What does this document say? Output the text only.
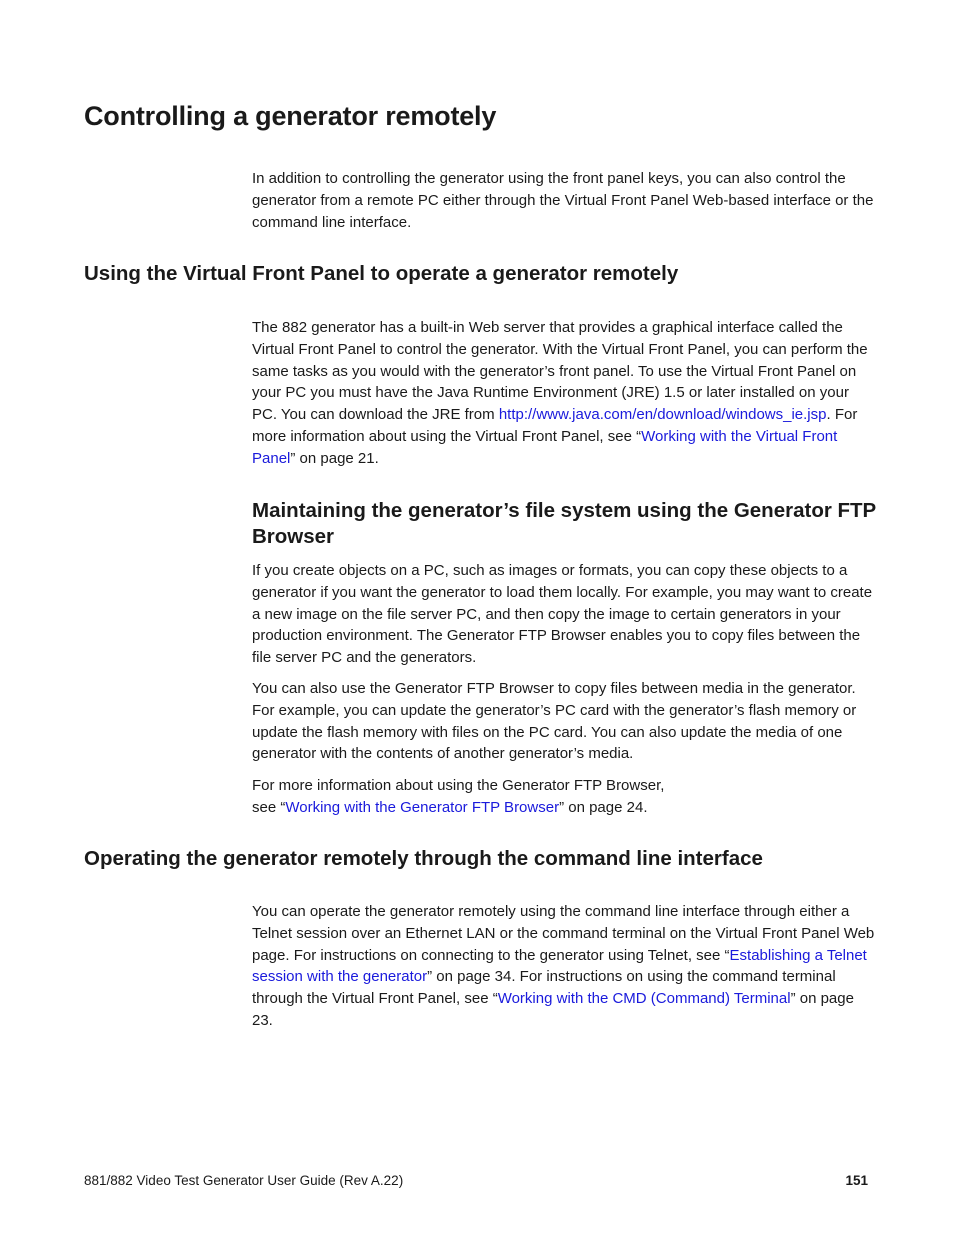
Controlling a generator remotely

In addition to controlling the generator using the front panel keys, you can also control the generator from a remote PC either through the Virtual Front Panel Web-based interface or the command line interface.

Using the Virtual Front Panel to operate a generator remotely

The 882 generator has a built-in Web server that provides a graphical interface called the Virtual Front Panel to control the generator. With the Virtual Front Panel, you can perform the same tasks as you would with the generator’s front panel. To use the Virtual Front Panel on your PC you must have the Java Runtime Environment (JRE) 1.5 or later installed on your PC. You can download the JRE from http://www.java.com/en/download/windows_ie.jsp. For more information about using the Virtual Front Panel, see “Working with the Virtual Front Panel” on page 21.

Maintaining the generator’s file system using the Generator FTP Browser

If you create objects on a PC, such as images or formats, you can copy these objects to a generator if you want the generator to load them locally. For example, you may want to create a new image on the file server PC, and then copy the image to certain generators in your production environment. The Generator FTP Browser enables you to copy files between the file server PC and the generators.

You can also use the Generator FTP Browser to copy files between media in the generator. For example, you can update the generator’s PC card with the generator’s flash memory or update the flash memory with files on the PC card. You can also update the media of one generator with the contents of another generator’s media.

For more information about using the Generator FTP Browser,
see “Working with the Generator FTP Browser” on page 24.

Operating the generator remotely through the command line interface

You can operate the generator remotely using the command line interface through either a Telnet session over an Ethernet LAN or the command terminal on the Virtual Front Panel Web page. For instructions on connecting to the generator using Telnet, see “Establishing a Telnet session with the generator” on page 34. For instructions on using the command terminal through the Virtual Front Panel, see “Working with the CMD (Command) Terminal” on page 23.

881/882 Video Test Generator User Guide (Rev A.22)	151
